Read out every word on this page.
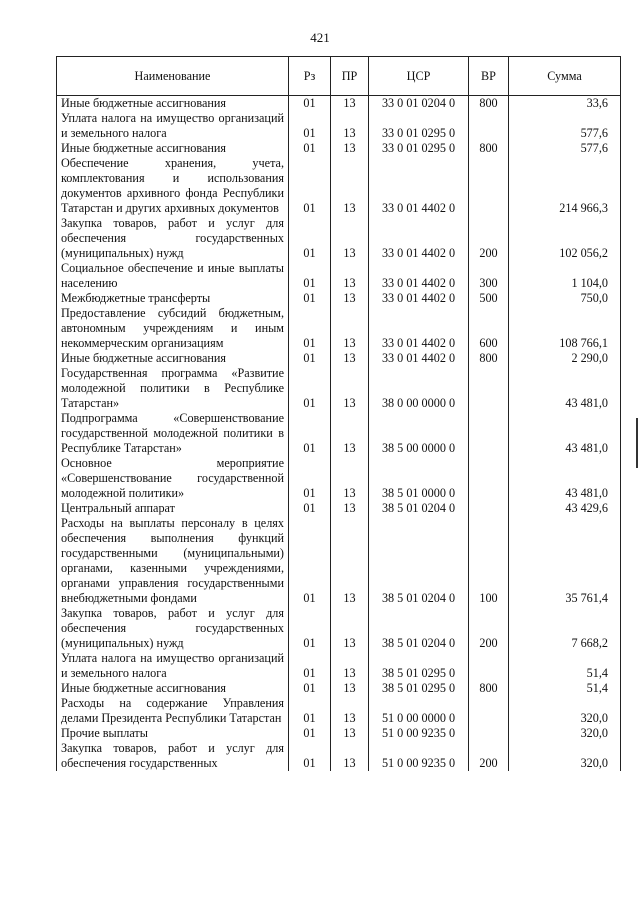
421
Наименование	Рз	ПР	ЦСР	ВР	Сумма
Иные бюджетные ассигнования	01	13	33 0 01 0204 0	800	33,6
Уплата налога на имущество организаций и земельного налога	01	13	33 0 01 0295 0		577,6
Иные бюджетные ассигнования	01	13	33 0 01 0295 0	800	577,6
Обеспечение хранения, учета, комплектования и использования документов архивного фонда Республики Татарстан и других архивных документов	01	13	33 0 01 4402 0		214 966,3
Закупка товаров, работ и услуг для обеспечения государственных (муниципальных) нужд	01	13	33 0 01 4402 0	200	102 056,2
Социальное обеспечение и иные выплаты населению	01	13	33 0 01 4402 0	300	1 104,0
Межбюджетные трансферты	01	13	33 0 01 4402 0	500	750,0
Предоставление субсидий бюджетным, автономным учреждениям и иным некоммерческим организациям	01	13	33 0 01 4402 0	600	108 766,1
Иные бюджетные ассигнования	01	13	33 0 01 4402 0	800	2 290,0
Государственная программа «Развитие молодежной политики в Республике Татарстан»	01	13	38 0 00 0000 0		43 481,0
Подпрограмма «Совершенствование государственной молодежной политики в Республике Татарстан»	01	13	38 5 00 0000 0		43 481,0
Основное мероприятие «Совершенствование государственной молодежной политики»	01	13	38 5 01 0000 0		43 481,0
Центральный аппарат	01	13	38 5 01 0204 0		43 429,6
Расходы на выплаты персоналу в целях обеспечения выполнения функций государственными (муниципальными) органами, казенными учреждениями, органами управления государственными внебюджетными фондами	01	13	38 5 01 0204 0	100	35 761,4
Закупка товаров, работ и услуг для обеспечения государственных (муниципальных) нужд	01	13	38 5 01 0204 0	200	7 668,2
Уплата налога на имущество организаций и земельного налога	01	13	38 5 01 0295 0		51,4
Иные бюджетные ассигнования	01	13	38 5 01 0295 0	800	51,4
Расходы на содержание Управления делами Президента Республики Татарстан	01	13	51 0 00 0000 0		320,0
Прочие выплаты	01	13	51 0 00 9235 0		320,0
Закупка товаров, работ и услуг для обеспечения государственных	01	13	51 0 00 9235 0	200	320,0
